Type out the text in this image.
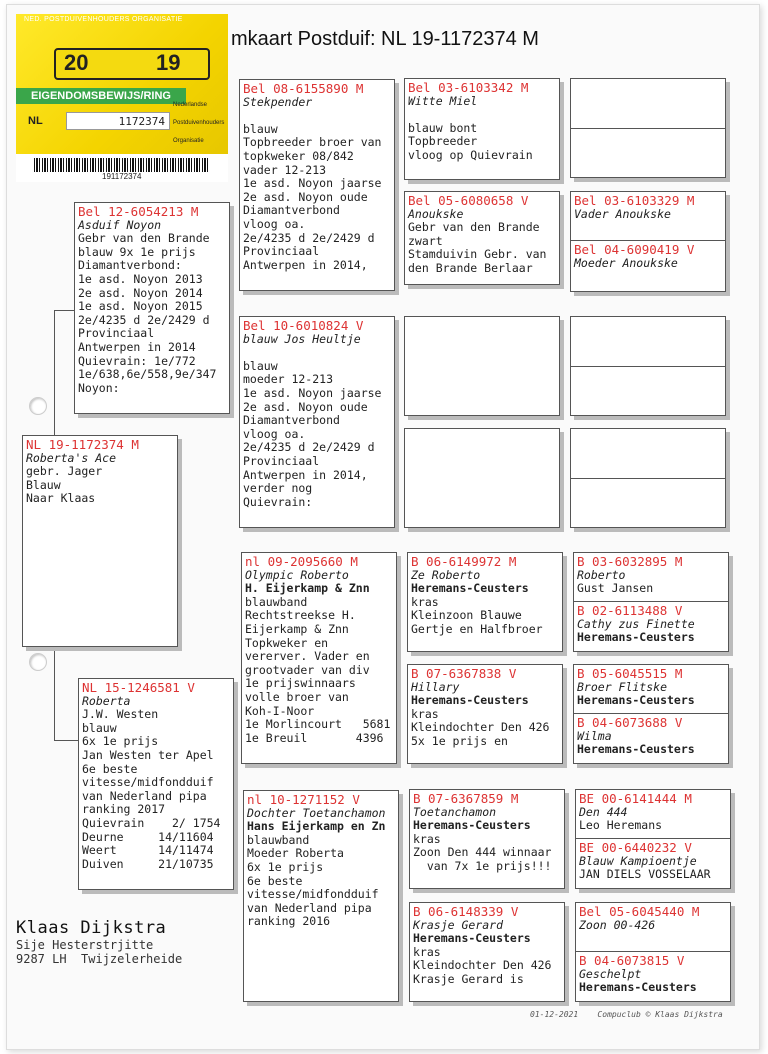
NED. POSTDUIVENHOUDERS ORGANISATIE
20	19
EIGENDOMSBEWIJS/RING
NL	1172374
Nederlandse
Postduivenhouders
Organisatie
191172374
mkaart Postduif: NL 19-1172374 M
NL 19-1172374 M
Roberta's Ace
gebr. Jager
Blauw
Naar Klaas
Bel 12-6054213 M
Asduif Noyon
Gebr van den Brande
blauw 9x 1e prijs
Diamantverbond:
1e asd. Noyon 2013
2e asd. Noyon 2014
1e asd. Noyon 2015
2e/4235 d 2e/2429 d
Provinciaal
Antwerpen in 2014
Quievrain: 1e/772
1e/638,6e/558,9e/347
Noyon:
NL 15-1246581 V
Roberta
J.W. Westen
blauw
6x 1e prijs
Jan Westen ter Apel
6e beste
vitesse/midfondduif
van Nederland pipa
ranking 2017
Quievrain    2/ 1754
Deurne     14/11604
Weert      14/11474
Duiven     21/10735
Bel 08-6155890 M
Stekpender
blauw
Topbreeder broer van
topkweker 08/842
vader 12-213
1e asd. Noyon jaarse
2e asd. Noyon oude
Diamantverbond
vloog oa.
2e/4235 d 2e/2429 d
Provinciaal
Antwerpen in 2014,
Bel 10-6010824 V
blauw Jos Heultje
blauw
moeder 12-213
1e asd. Noyon jaarse
2e asd. Noyon oude
Diamantverbond
vloog oa.
2e/4235 d 2e/2429 d
Provinciaal
Antwerpen in 2014,
verder nog
Quievrain:
nl 09-2095660 M
Olympic Roberto
H. Eijerkamp & Znn
blauwband
Rechtstreekse H.
Eijerkamp & Znn
Topkweker en
vererver. Vader en
grootvader van div
1e prijswinnaars
volle broer van
Koh-I-Noor
1e Morlincourt   5681
1e Breuil       4396
nl 10-1271152 V
Dochter Toetanchamon
Hans Eijerkamp en Zn
blauwband
Moeder Roberta
6x 1e prijs
6e beste
vitesse/midfondduif
van Nederland pipa
ranking 2016
Bel 03-6103342 M
Witte Miel
blauw bont
Topbreeder
vloog op Quievrain
Bel 05-6080658 V
Anoukske
Gebr van den Brande
zwart
Stamduivin Gebr. van
den Brande Berlaar
B 06-6149972 M
Ze Roberto
Heremans-Ceusters
kras
Kleinzoon Blauwe
Gertje en Halfbroer
B 07-6367838 V
Hillary
Heremans-Ceusters
kras
Kleindochter Den 426
5x 1e prijs en
B 07-6367859 M
Toetanchamon
Heremans-Ceusters
kras
Zoon Den 444 winnaar
van 7x 1e prijs!!!
B 06-6148339 V
Krasje Gerard
Heremans-Ceusters
kras
Kleindochter Den 426
Krasje Gerard is
Bel 03-6103329 M
Vader Anoukske
Bel 04-6090419 V
Moeder Anoukske
B 03-6032895 M
Roberto
Gust Jansen
B 02-6113488 V
Cathy zus Finette
Heremans-Ceusters
B 05-6045515 M
Broer Flitske
Heremans-Ceusters
B 04-6073688 V
Wilma
Heremans-Ceusters
BE 00-6141444 M
Den 444
Leo Heremans
BE 00-6440232 V
Blauw Kampioentje
JAN DIELS VOSSELAAR
Bel 05-6045440 M
Zoon 00-426
B 04-6073815 V
Geschelpt
Heremans-Ceusters
Klaas Dijkstra
Sije Hesterstrjitte
9287 LH  Twijzelerheide
01-12-2021    Compuclub © Klaas Dijkstra
